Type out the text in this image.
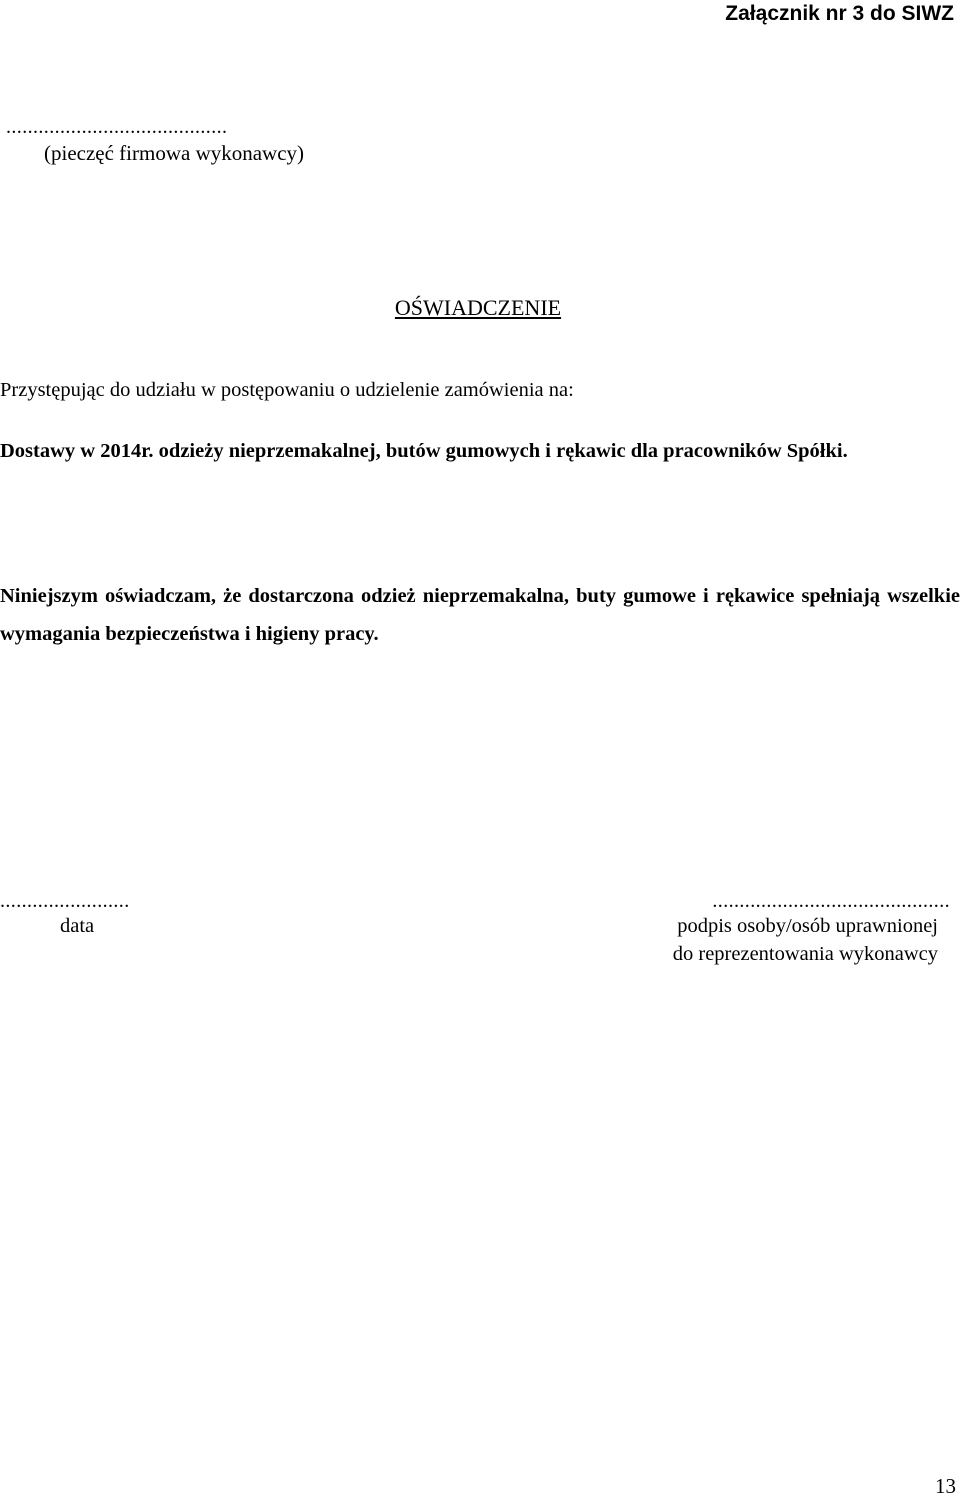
Załącznik nr 3 do SIWZ
.........................................
(pieczęć firmowa wykonawcy)
OŚWIADCZENIE
Przystępując do udziału w postępowaniu o udzielenie zamówienia na:
Dostawy w 2014r. odzieży nieprzemakalnej, butów gumowych i rękawic dla pracowników Spółki.
Niniejszym oświadczam, że dostarczona odzież nieprzemakalna, buty gumowe i rękawice spełniają wszelkie wymagania bezpieczeństwa i higieny pracy.
........................
data
............................................
podpis osoby/osób uprawnionej
do reprezentowania wykonawcy
13
